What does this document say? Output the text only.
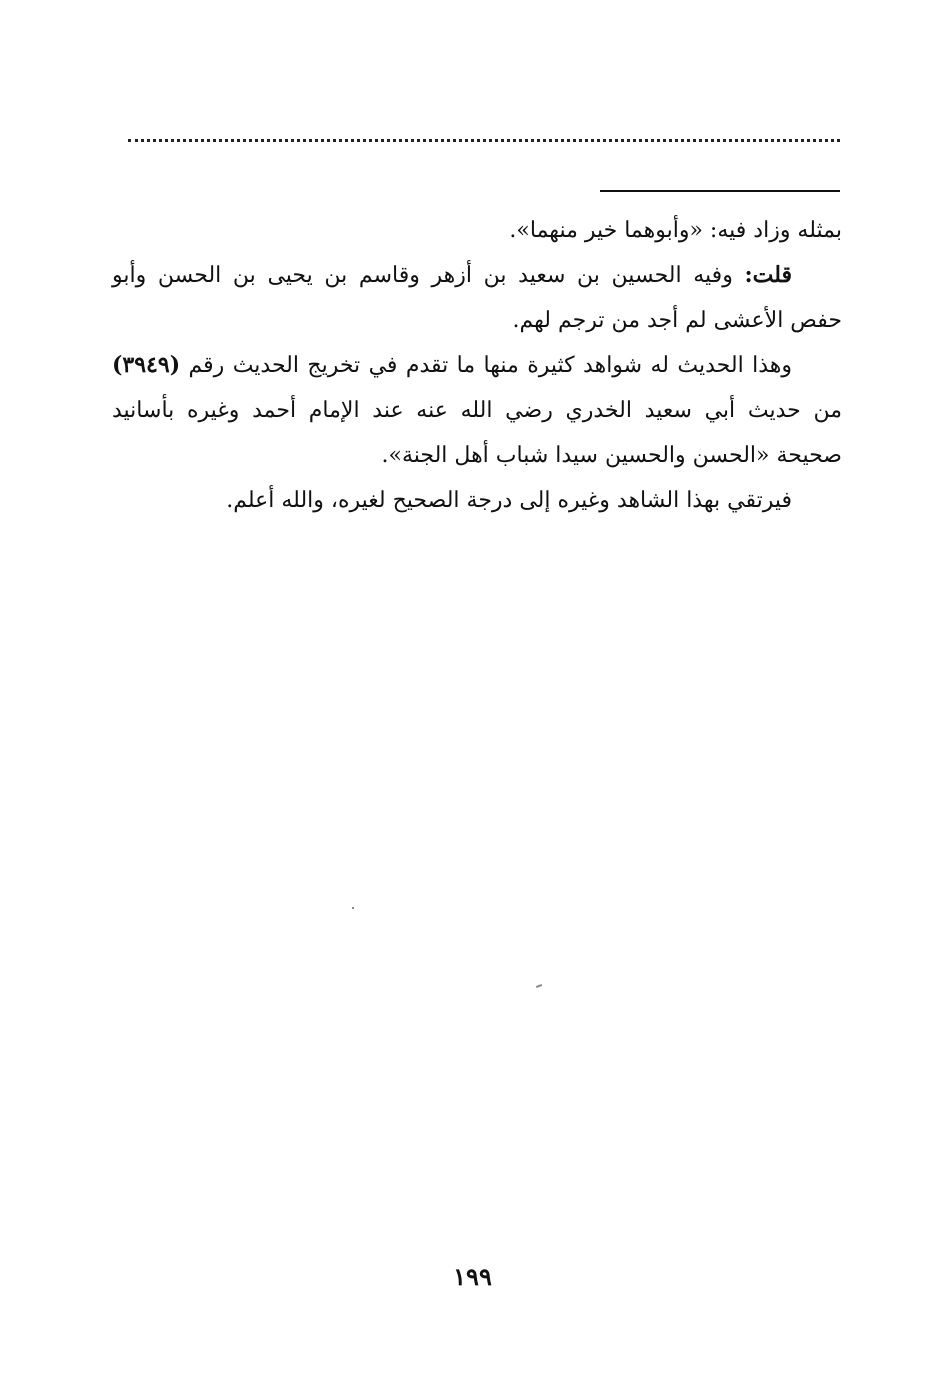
بمثله وزاد فيه: «وأبوهما خير منهما».

قلت: وفيه الحسين بن سعيد بن أزهر وقاسم بن يحيى بن الحسن وأبو حفص الأعشى لم أجد من ترجم لهم.

وهذا الحديث له شواهد كثيرة منها ما تقدم في تخريج الحديث رقم (٣٩٤٩) من حديث أبي سعيد الخدري رضي الله عنه عند الإمام أحمد وغيره بأسانيد صحيحة «الحسن والحسين سيدا شباب أهل الجنة».

فيرتقي بهذا الشاهد وغيره إلى درجة الصحيح لغيره، والله أعلم.

١٩٩
